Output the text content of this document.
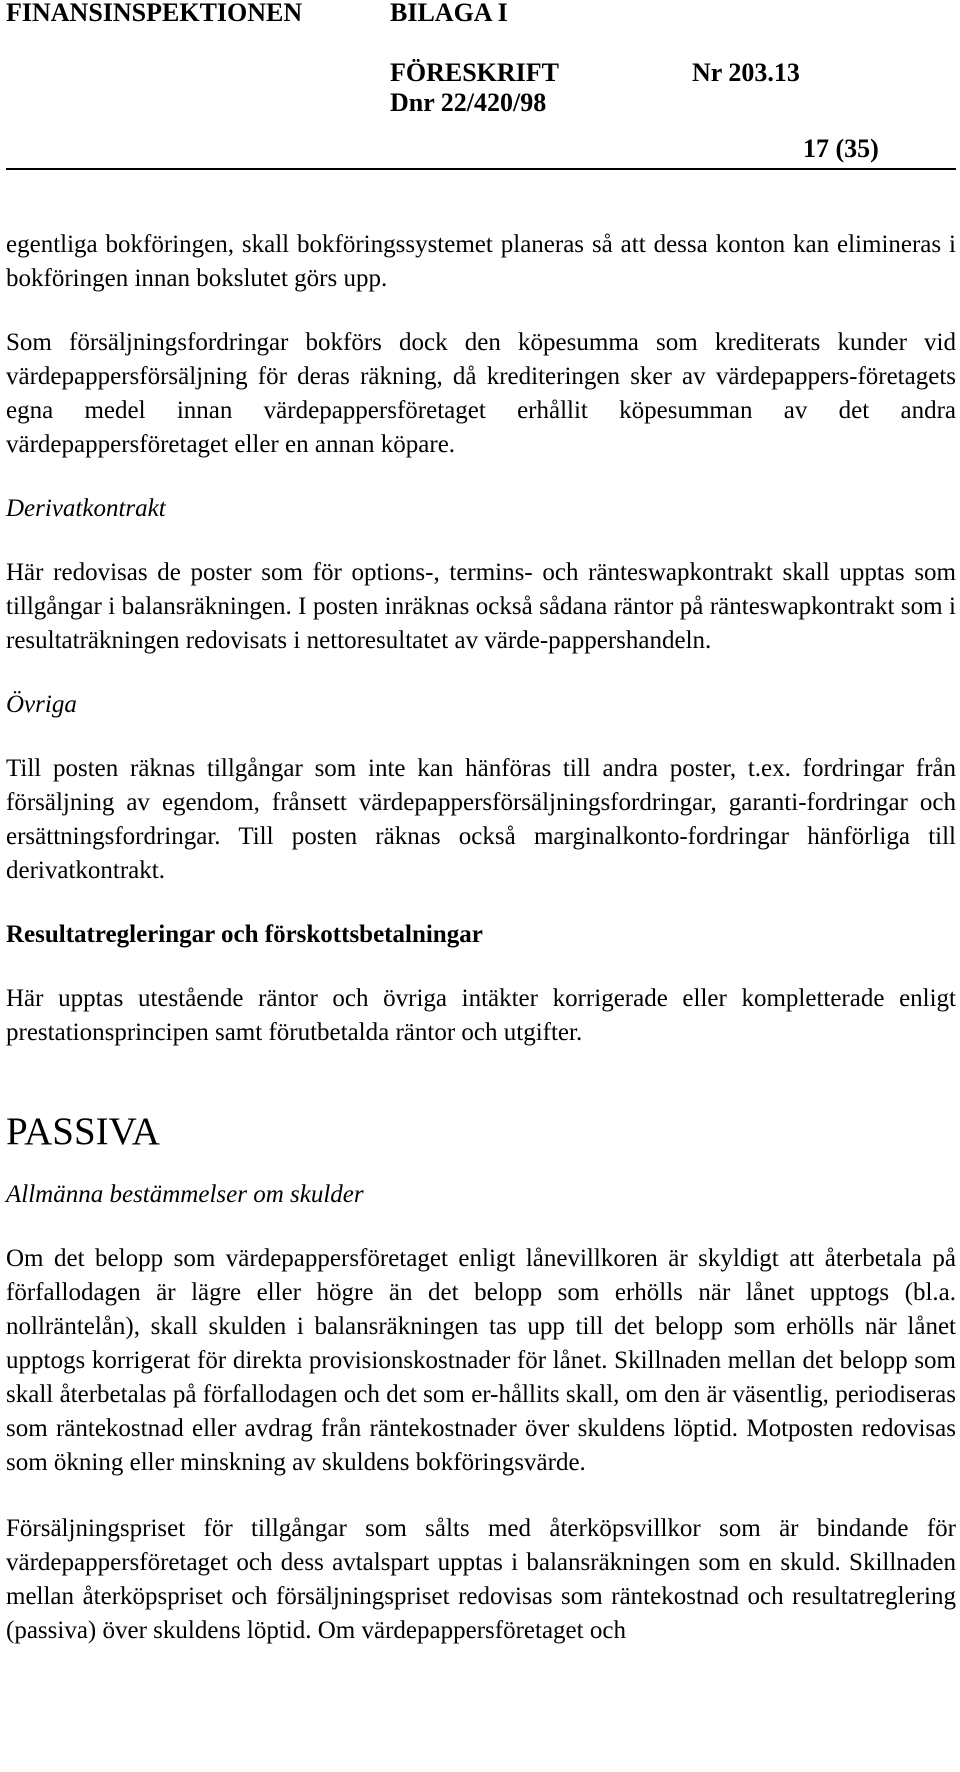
FINANSINSPEKTIONEN	BILAGA I
FÖRESKRIFT	Nr 203.13
Dnr 22/420/98
17 (35)

egentliga bokföringen, skall bokföringssystemet planeras så att dessa konton kan elimineras i bokföringen innan bokslutet görs upp.

Som försäljningsfordringar bokförs dock den köpesumma som krediterats kunder vid värdepappersförsäljning för deras räkning, då krediteringen sker av värdepappers-företagets egna medel innan värdepappersföretaget erhållit köpesumman av det andra värdepappersföretaget eller en annan köpare.

Derivatkontrakt

Här redovisas de poster som för options-, termins- och ränteswapkontrakt skall upptas som tillgångar i balansräkningen. I posten inräknas också sådana räntor på ränteswapkontrakt som i resultaträkningen redovisats i nettoresultatet av värde-pappershandeln.

Övriga

Till posten räknas tillgångar som inte kan hänföras till andra poster, t.ex. fordringar från försäljning av egendom, frånsett värdepappersförsäljningsfordringar, garanti-fordringar och ersättningsfordringar. Till posten räknas också marginalkonto-fordringar hänförliga till derivatkontrakt.

Resultatregleringar och förskottsbetalningar

Här upptas utestående räntor och övriga intäkter korrigerade eller kompletterade enligt prestationsprincipen samt förutbetalda räntor och utgifter.

PASSIVA
Allmänna bestämmelser om skulder

Om det belopp som värdepappersföretaget enligt lånevillkoren är skyldigt att återbetala på förfallodagen är lägre eller högre än det belopp som erhölls när lånet upptogs (bl.a. nollräntelån), skall skulden i balansräkningen tas upp till det belopp som erhölls när lånet upptogs korrigerat för direkta provisionskostnader för lånet. Skillnaden mellan det belopp som skall återbetalas på förfallodagen och det som er-hållits skall, om den är väsentlig, periodiseras som räntekostnad eller avdrag från räntekostnader över skuldens löptid. Motposten redovisas som ökning eller minskning av skuldens bokföringsvärde.

Försäljningspriset för tillgångar som sålts med återköpsvillkor som är bindande för värdepappersföretaget och dess avtalspart upptas i balansräkningen som en skuld. Skillnaden mellan återköpspriset och försäljningspriset redovisas som räntekostnad och resultatreglering (passiva) över skuldens löptid. Om värdepappersföretaget och
